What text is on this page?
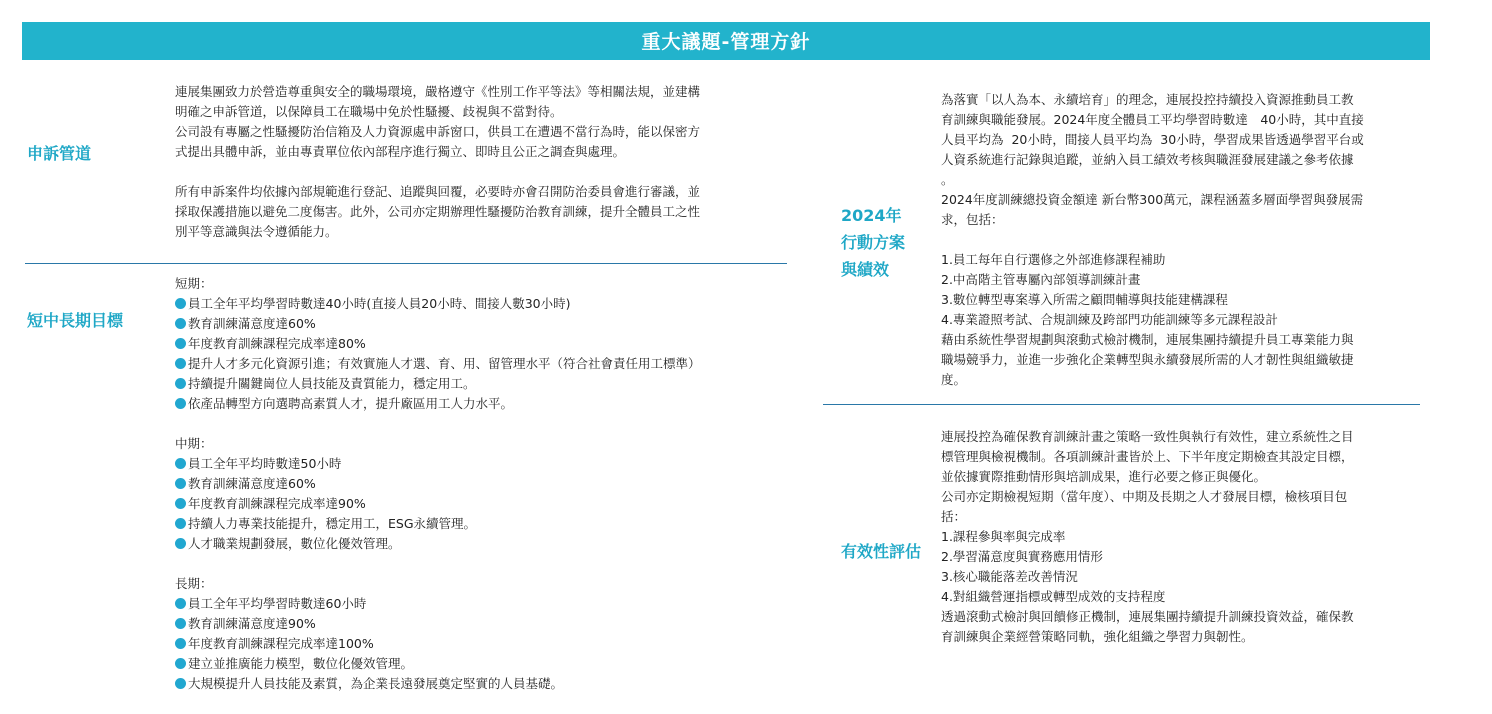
重大議題-管理方針
申訴管道
連展集團致力於營造尊重與安全的職場環境，嚴格遵守《性別工作平等法》等相關法規，並建構
明確之申訴管道，以保障員工在職場中免於性騷擾、歧視與不當對待。
公司設有專屬之性騷擾防治信箱及人力資源處申訴窗口，供員工在遭遇不當行為時，能以保密方
式提出具體申訴，並由專責單位依內部程序進行獨立、即時且公正之調查與處理。

所有申訴案件均依據內部規範進行登記、追蹤與回覆，必要時亦會召開防治委員會進行審議，並
採取保護措施以避免二度傷害。此外，公司亦定期辦理性騷擾防治教育訓練，提升全體員工之性
別平等意識與法令遵循能力。
短中長期目標
短期：
員工全年平均學習時數達40小時(直接人員20小時、間接人數30小時)
教育訓練滿意度達60%
年度教育訓練課程完成率達80%
提升人才多元化資源引進；有效實施人才選、育、用、留管理水平（符合社會責任用工標準）
持續提升關鍵崗位人員技能及責質能力，穩定用工。
依產品轉型方向選聘高素質人才，提升廠區用工人力水平。
中期：
員工全年平均時數達50小時
教育訓練滿意度達60%
年度教育訓練課程完成率達90%
持續人力專業技能提升，穩定用工，ESG永續管理。
人才職業規劃發展，數位化優效管理。
長期：
員工全年平均學習時數達60小時
教育訓練滿意度達90%
年度教育訓練課程完成率達100%
建立並推廣能力模型，數位化優效管理。
大規模提升人員技能及素質，為企業長遠發展奠定堅實的人員基礎。
2024年
行動方案
與績效
為落實「以人為本、永續培育」的理念，連展投控持續投入資源推動員工教
育訓練與職能發展。2024年度全體員工平均學習時數達　40小時，其中直接
人員平均為  20小時，間接人員平均為  30小時，學習成果皆透過學習平台或
人資系統進行記錄與追蹤，並納入員工績效考核與職涯發展建議之參考依據
。
2024年度訓練總投資金額達 新台幣300萬元，課程涵蓋多層面學習與發展需
求，包括：

1.員工每年自行選修之外部進修課程補助
2.中高階主管專屬內部領導訓練計畫
3.數位轉型專案導入所需之顧問輔導與技能建構課程
4.專業證照考試、合規訓練及跨部門功能訓練等多元課程設計
藉由系統性學習規劃與滾動式檢討機制，連展集團持續提升員工專業能力與
職場競爭力，並進一步強化企業轉型與永續發展所需的人才韌性與組織敏捷
度。
有效性評估
連展投控為確保教育訓練計畫之策略一致性與執行有效性，建立系統性之目
標管理與檢視機制。各項訓練計畫皆於上、下半年度定期檢查其設定目標，
並依據實際推動情形與培訓成果，進行必要之修正與優化。
公司亦定期檢視短期（當年度）、中期及長期之人才發展目標，檢核項目包
括：
1.課程參與率與完成率
2.學習滿意度與實務應用情形
3.核心職能落差改善情況
4.對組織營運指標或轉型成效的支持程度
透過滾動式檢討與回饋修正機制，連展集團持續提升訓練投資效益，確保教
育訓練與企業經營策略同軌，強化組織之學習力與韌性。
